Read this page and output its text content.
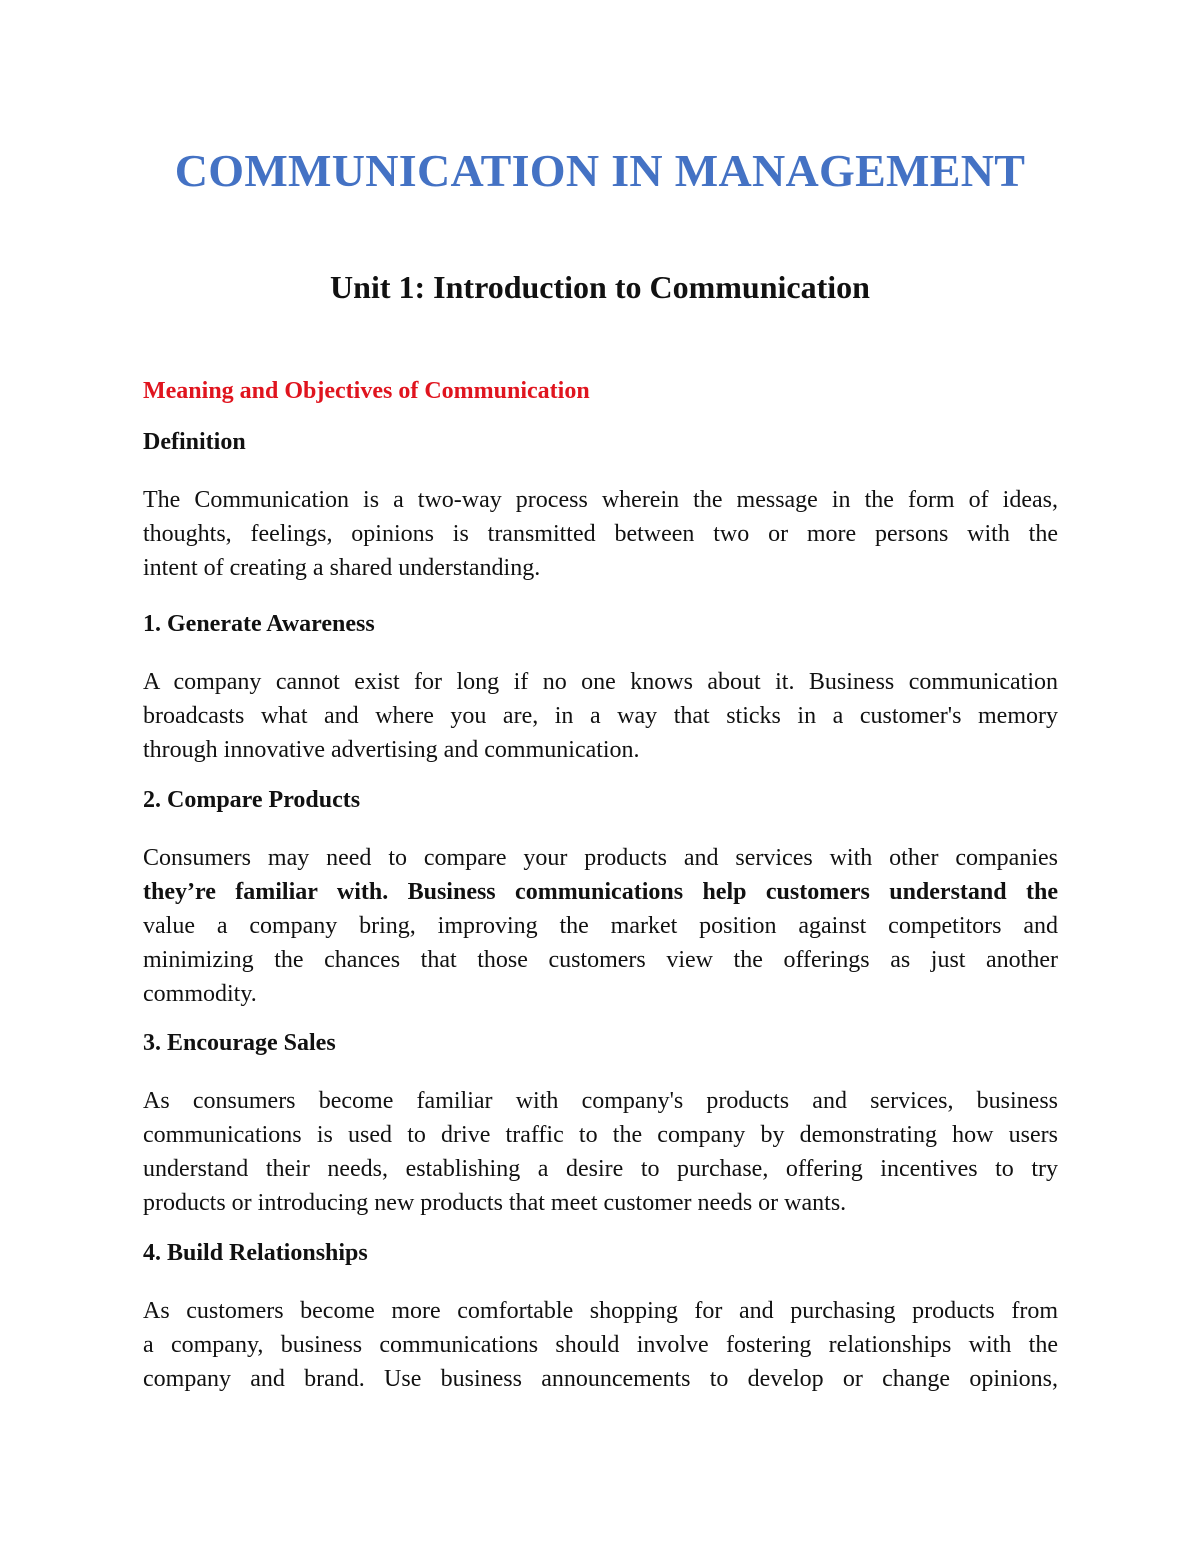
COMMUNICATION IN MANAGEMENT
Unit 1: Introduction to Communication
Meaning and Objectives of Communication
Definition

The Communication is a two-way process wherein the message in the form of ideas,
thoughts, feelings, opinions is transmitted between two or more persons with the
intent of creating a shared understanding.

1. Generate Awareness

A company cannot exist for long if no one knows about it. Business communication
broadcasts what and where you are, in a way that sticks in a customer's memory
through innovative advertising and communication.

2. Compare Products

Consumers may need to compare your products and services with other companies
they’re familiar with. Business communications help customers understand the
value a company bring, improving the market position against competitors and
minimizing the chances that those customers view the offerings as just another
commodity.

3. Encourage Sales

As consumers become familiar with company's products and services, business
communications is used to drive traffic to the company by demonstrating how users
understand their needs, establishing a desire to purchase, offering incentives to try
products or introducing new products that meet customer needs or wants.

4. Build Relationships

As customers become more comfortable shopping for and purchasing products from
a company, business communications should involve fostering relationships with the
company and brand. Use business announcements to develop or change opinions,
